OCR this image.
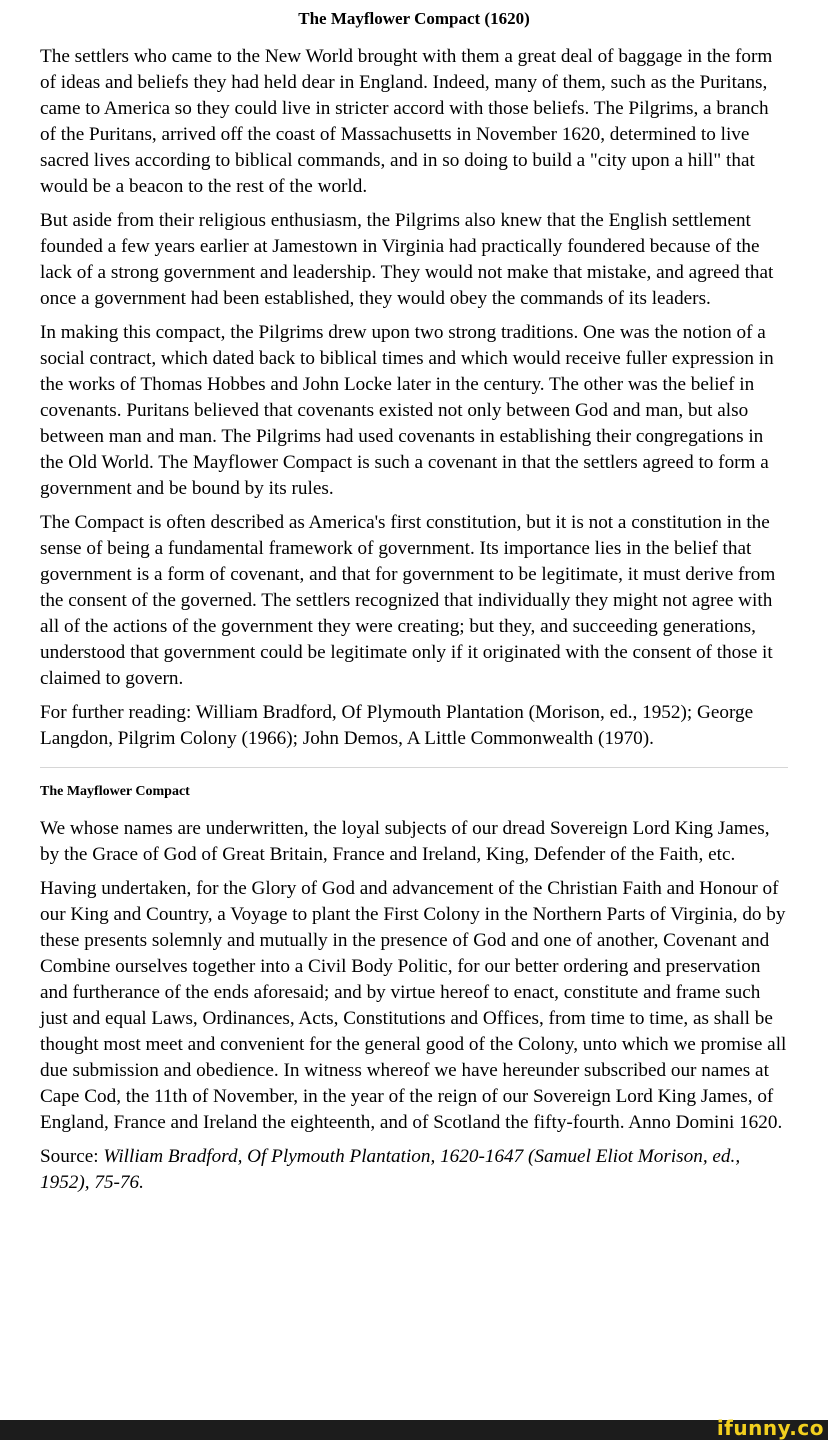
The Mayflower Compact (1620)

The settlers who came to the New World brought with them a great deal of baggage in the form of ideas and beliefs they had held dear in England. Indeed, many of them, such as the Puritans, came to America so they could live in stricter accord with those beliefs. The Pilgrims, a branch of the Puritans, arrived off the coast of Massachusetts in November 1620, determined to live sacred lives according to biblical commands, and in so doing to build a "city upon a hill" that would be a beacon to the rest of the world.

But aside from their religious enthusiasm, the Pilgrims also knew that the English settlement founded a few years earlier at Jamestown in Virginia had practically foundered because of the lack of a strong government and leadership. They would not make that mistake, and agreed that once a government had been established, they would obey the commands of its leaders.

In making this compact, the Pilgrims drew upon two strong traditions. One was the notion of a social contract, which dated back to biblical times and which would receive fuller expression in the works of Thomas Hobbes and John Locke later in the century. The other was the belief in covenants. Puritans believed that covenants existed not only between God and man, but also between man and man. The Pilgrims had used covenants in establishing their congregations in the Old World. The Mayflower Compact is such a covenant in that the settlers agreed to form a government and be bound by its rules.

The Compact is often described as America's first constitution, but it is not a constitution in the sense of being a fundamental framework of government. Its importance lies in the belief that government is a form of covenant, and that for government to be legitimate, it must derive from the consent of the governed. The settlers recognized that individually they might not agree with all of the actions of the government they were creating; but they, and succeeding generations, understood that government could be legitimate only if it originated with the consent of those it claimed to govern.

For further reading: William Bradford, Of Plymouth Plantation (Morison, ed., 1952); George Langdon, Pilgrim Colony (1966); John Demos, A Little Commonwealth (1970).

The Mayflower Compact

We whose names are underwritten, the loyal subjects of our dread Sovereign Lord King James, by the Grace of God of Great Britain, France and Ireland, King, Defender of the Faith, etc.

Having undertaken, for the Glory of God and advancement of the Christian Faith and Honour of our King and Country, a Voyage to plant the First Colony in the Northern Parts of Virginia, do by these presents solemnly and mutually in the presence of God and one of another, Covenant and Combine ourselves together into a Civil Body Politic, for our better ordering and preservation and furtherance of the ends aforesaid; and by virtue hereof to enact, constitute and frame such just and equal Laws, Ordinances, Acts, Constitutions and Offices, from time to time, as shall be thought most meet and convenient for the general good of the Colony, unto which we promise all due submission and obedience. In witness whereof we have hereunder subscribed our names at Cape Cod, the 11th of November, in the year of the reign of our Sovereign Lord King James, of England, France and Ireland the eighteenth, and of Scotland the fifty-fourth. Anno Domini 1620.

Source: William Bradford, Of Plymouth Plantation, 1620-1647 (Samuel Eliot Morison, ed., 1952), 75-76.

ifunny.co
